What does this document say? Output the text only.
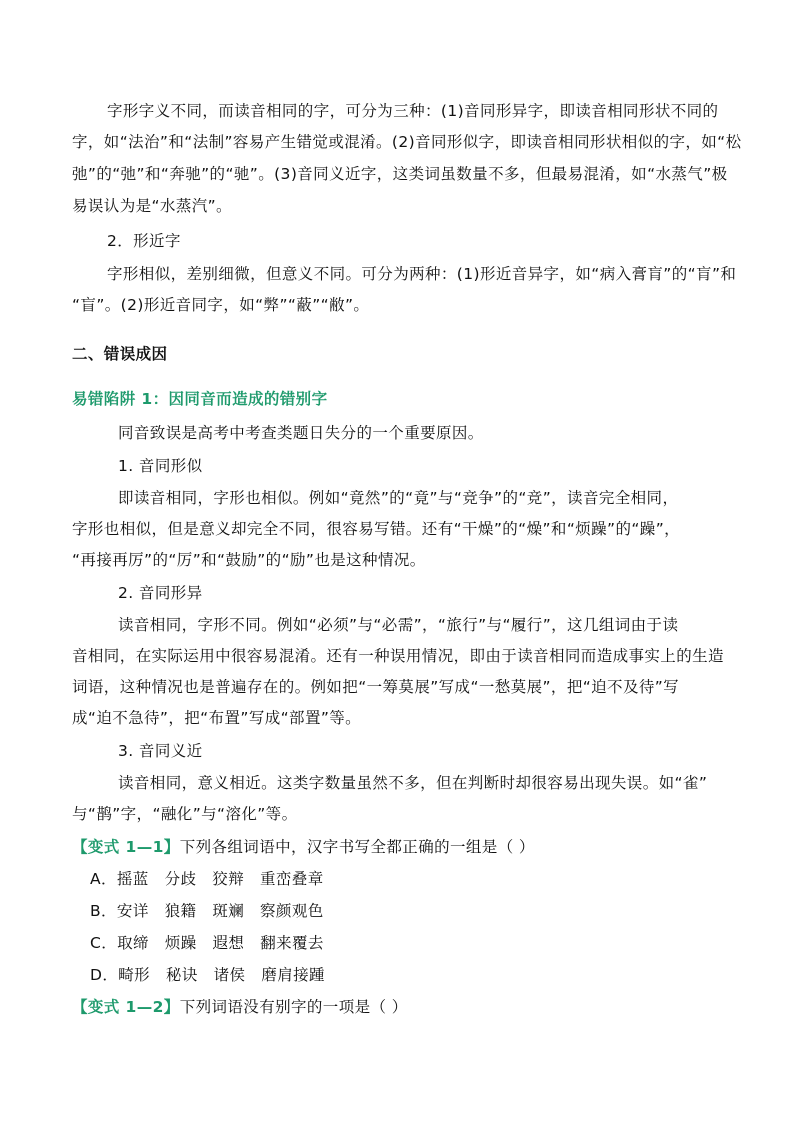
字形字义不同，而读音相同的字，可分为三种：(1)音同形异字，即读音相同形状不同的
字，如“法治”和“法制”容易产生错觉或混淆。(2)音同形似字，即读音相同形状相似的字，如“松
弛”的“弛”和“奔驰”的“驰”。(3)音同义近字，这类词虽数量不多，但最易混淆，如“水蒸气”极
易误认为是“水蒸汽”。
2．形近字
字形相似，差别细微，但意义不同。可分为两种：(1)形近音异字，如“病入膏肓”的“肓”和
“盲”。(2)形近音同字，如“弊”“蔽”“敝”。
二、错误成因
易错陷阱 1：因同音而造成的错别字
同音致误是高考中考查类题日失分的一个重要原因。
1. 音同形似
即读音相同，字形也相似。例如“竟然”的“竟”与“竞争”的“竞”，读音完全相同，
字形也相似，但是意义却完全不同，很容易写错。还有“干燥”的“燥”和“烦躁”的“躁”，
“再接再厉”的“厉”和“鼓励”的“励”也是这种情况。
2. 音同形异
读音相同，字形不同。例如“必须”与“必需”，“旅行”与“履行”，这几组词由于读
音相同，在实际运用中很容易混淆。还有一种误用情况，即由于读音相同而造成事实上的生造
词语，这种情况也是普遍存在的。例如把“一筹莫展”写成“一愁莫展”，把“迫不及待”写
成“迫不急待”，把“布置”写成“部置”等。
3. 音同义近
读音相同，意义相近。这类字数量虽然不多，但在判断时却很容易出现失误。如“雀”
与“鹊”字，“融化”与“溶化”等。
【变式 1—1】下列各组词语中，汉字书写全都正确的一组是（ ）
A．摇蓝　分歧　狡辩　重峦叠章
B．安详　狼籍　斑斓　察颜观色
C．取缔　烦躁　遐想　翻来覆去
D．畸形　秘诀　诸侯　磨肩接踵
【变式 1—2】下列词语没有别字的一项是（ ）
